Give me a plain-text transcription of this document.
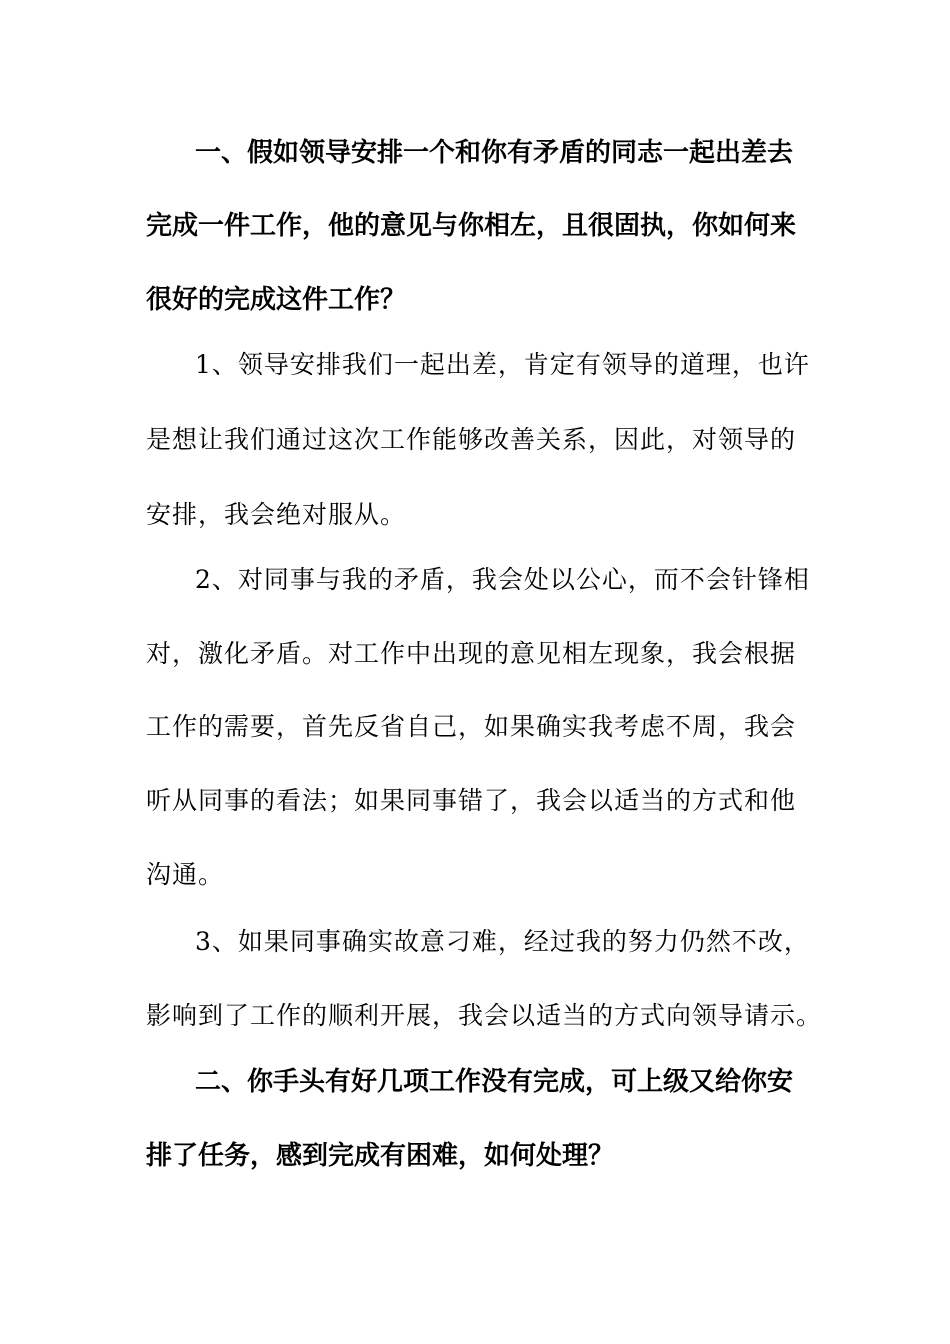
一、假如领导安排一个和你有矛盾的同志一起出差去
完成一件工作，他的意见与你相左，且很固执，你如何来
很好的完成这件工作？
1、领导安排我们一起出差，肯定有领导的道理，也许
是想让我们通过这次工作能够改善关系，因此，对领导的
安排，我会绝对服从。
2、对同事与我的矛盾，我会处以公心，而不会针锋相
对，激化矛盾。对工作中出现的意见相左现象，我会根据
工作的需要，首先反省自己，如果确实我考虑不周，我会
听从同事的看法；如果同事错了，我会以适当的方式和他
沟通。
3、如果同事确实故意刁难，经过我的努力仍然不改，
影响到了工作的顺利开展，我会以适当的方式向领导请示。
二、你手头有好几项工作没有完成，可上级又给你安
排了任务，感到完成有困难，如何处理？
